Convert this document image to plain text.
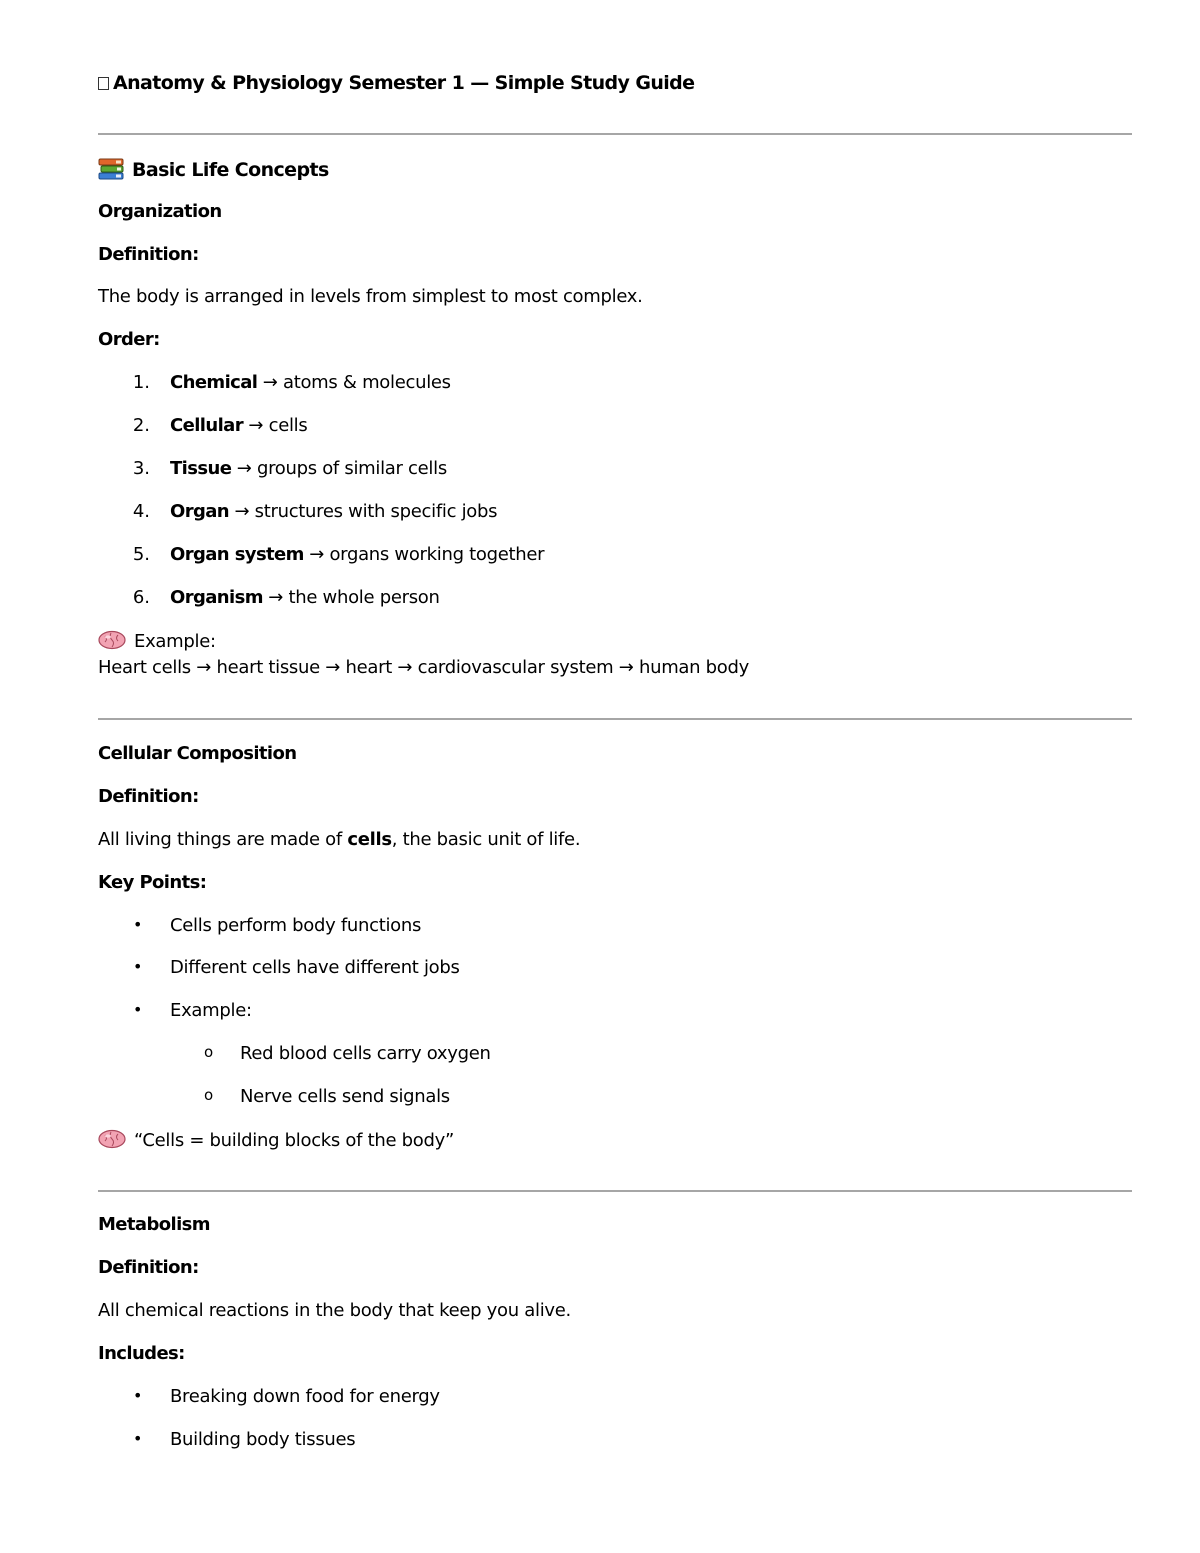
Anatomy & Physiology Semester 1 — Simple Study Guide
Basic Life Concepts
Organization
Definition:
The body is arranged in levels from simplest to most complex.
Order:
1. Chemical → atoms & molecules
2. Cellular → cells
3. Tissue → groups of similar cells
4. Organ → structures with specific jobs
5. Organ system → organs working together
6. Organism → the whole person
Example:
Heart cells → heart tissue → heart → cardiovascular system → human body
Cellular Composition
Definition:
All living things are made of cells, the basic unit of life.
Key Points:
• Cells perform body functions
• Different cells have different jobs
• Example:
o Red blood cells carry oxygen
o Nerve cells send signals
“Cells = building blocks of the body”
Metabolism
Definition:
All chemical reactions in the body that keep you alive.
Includes:
• Breaking down food for energy
• Building body tissues
